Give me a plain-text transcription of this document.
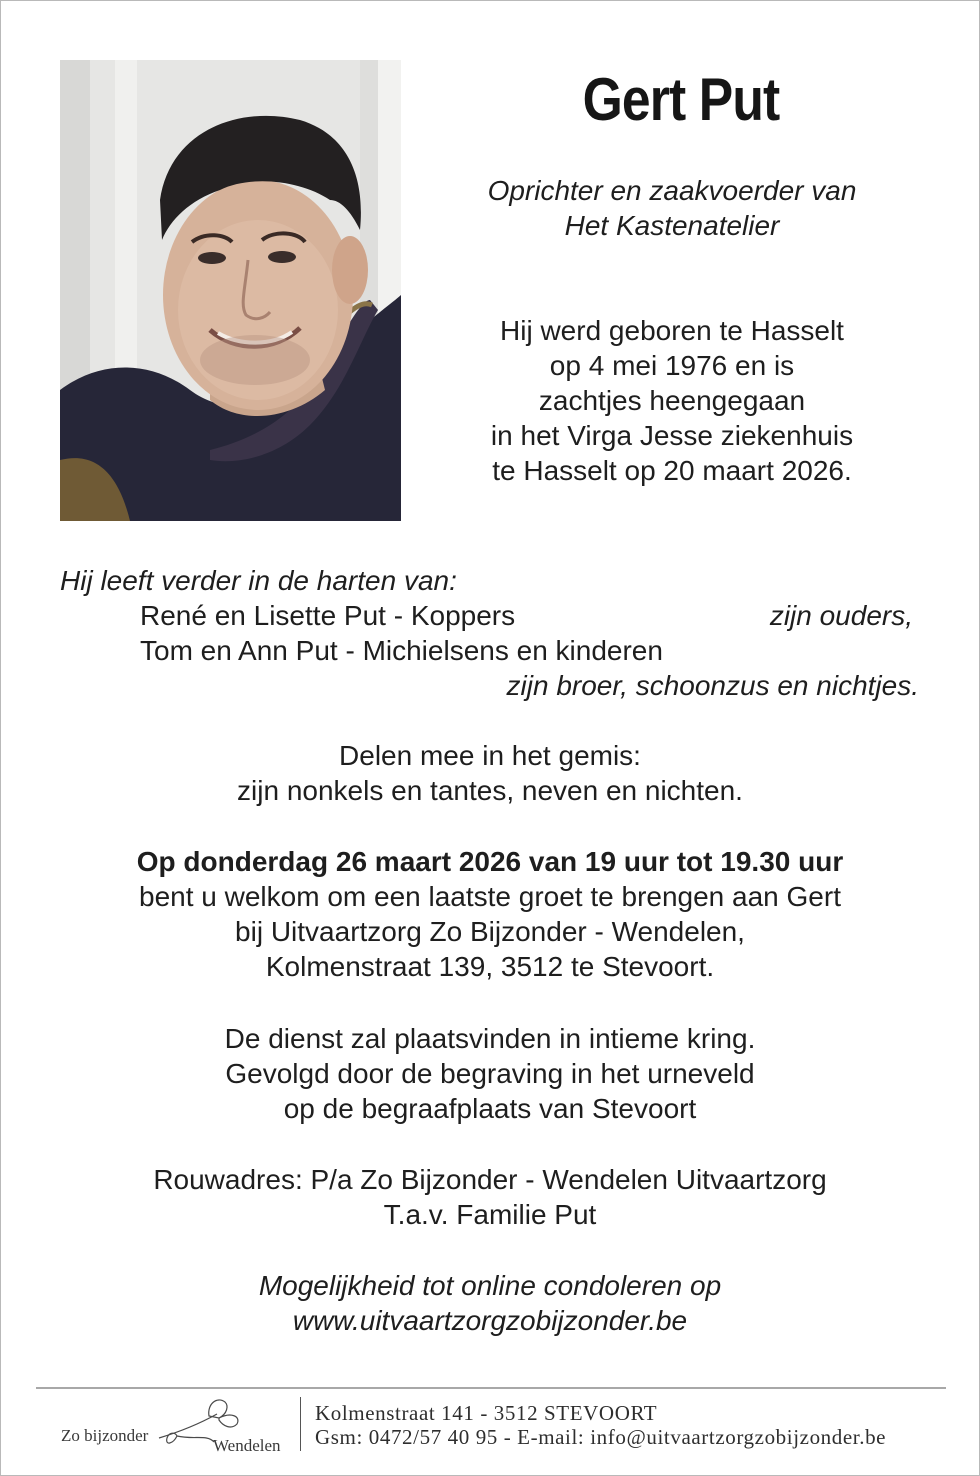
Gert Put
Oprichter en zaakvoerder van
Het Kastenatelier
Hij werd geboren te Hasselt
op 4 mei 1976 en is
zachtjes heengegaan
in het Virga Jesse ziekenhuis
te Hasselt op 20 maart 2026.
Hij leeft verder in de harten van:
René en Lisette Put - Koppers	zijn ouders,
Tom en Ann Put - Michielsens en kinderen
zijn broer, schoonzus en nichtjes.
Delen mee in het gemis:
zijn nonkels en tantes, neven en nichten.
Op donderdag 26 maart 2026 van 19 uur tot 19.30 uur
bent u welkom om een laatste groet te brengen aan Gert
bij Uitvaartzorg Zo Bijzonder - Wendelen,
Kolmenstraat 139, 3512 te Stevoort.
De dienst zal plaatsvinden in intieme kring.
Gevolgd door de begraving in het urneveld
op de begraafplaats van Stevoort
Rouwadres: P/a Zo Bijzonder - Wendelen Uitvaartzorg
T.a.v. Familie Put
Mogelijkheid tot online condoleren op
www.uitvaartzorgzobijzonder.be
Zo bijzonder
Wendelen
Kolmenstraat 141 - 3512 STEVOORT
Gsm: 0472/57 40 95 - E-mail: info@uitvaartzorgzobijzonder.be
